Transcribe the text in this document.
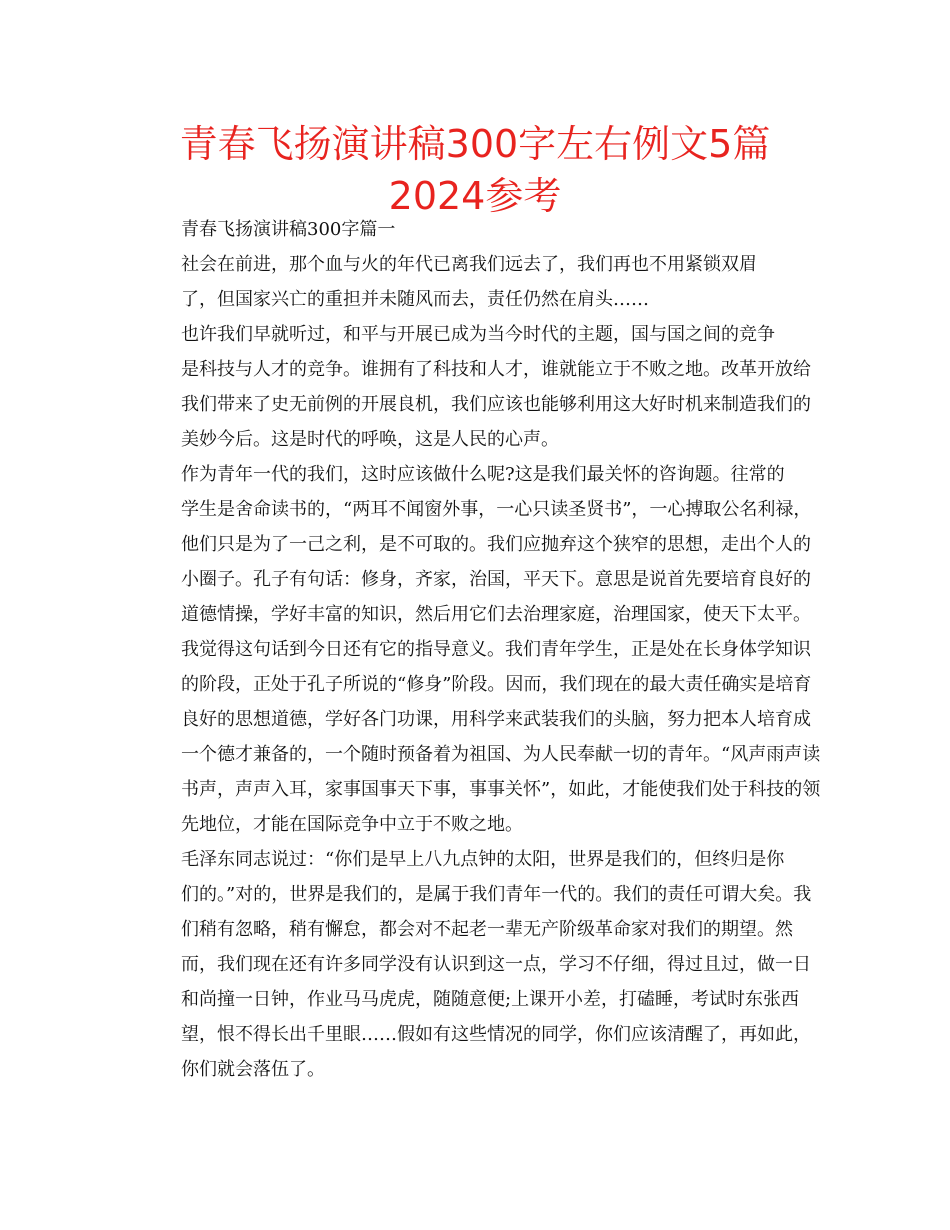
青春飞扬演讲稿300字左右例文5篇2024参考

青春飞扬演讲稿300字篇一

社会在前进，那个血与火的年代已离我们远去了，我们再也不用紧锁双眉
了，但国家兴亡的重担并未随风而去，责任仍然在肩头……

也许我们早就听过，和平与开展已成为当今时代的主题，国与国之间的竞争
是科技与人才的竞争。谁拥有了科技和人才，谁就能立于不败之地。改革开放给
我们带来了史无前例的开展良机，我们应该也能够利用这大好时机来制造我们的
美妙今后。这是时代的呼唤，这是人民的心声。

作为青年一代的我们，这时应该做什么呢?这是我们最关怀的咨询题。往常的
学生是舍命读书的，“两耳不闻窗外事，一心只读圣贤书”，一心搏取公名利禄，
他们只是为了一己之利，是不可取的。我们应抛弃这个狭窄的思想，走出个人的
小圈子。孔子有句话：修身，齐家，治国，平天下。意思是说首先要培育良好的
道德情操，学好丰富的知识，然后用它们去治理家庭，治理国家，使天下太平。
我觉得这句话到今日还有它的指导意义。我们青年学生，正是处在长身体学知识
的阶段，正处于孔子所说的“修身”阶段。因而，我们现在的最大责任确实是培育
良好的思想道德，学好各门功课，用科学来武装我们的头脑，努力把本人培育成
一个德才兼备的，一个随时预备着为祖国、为人民奉献一切的青年。“风声雨声读
书声，声声入耳，家事国事天下事，事事关怀”，如此，才能使我们处于科技的领
先地位，才能在国际竞争中立于不败之地。

毛泽东同志说过：“你们是早上八九点钟的太阳，世界是我们的，但终归是你
们的。”对的，世界是我们的，是属于我们青年一代的。我们的责任可谓大矣。我
们稍有忽略，稍有懈怠，都会对不起老一辈无产阶级革命家对我们的期望。然
而，我们现在还有许多同学没有认识到这一点，学习不仔细，得过且过，做一日
和尚撞一日钟，作业马马虎虎，随随意便;上课开小差，打磕睡，考试时东张西
望，恨不得长出千里眼……假如有这些情况的同学，你们应该清醒了，再如此，
你们就会落伍了。
